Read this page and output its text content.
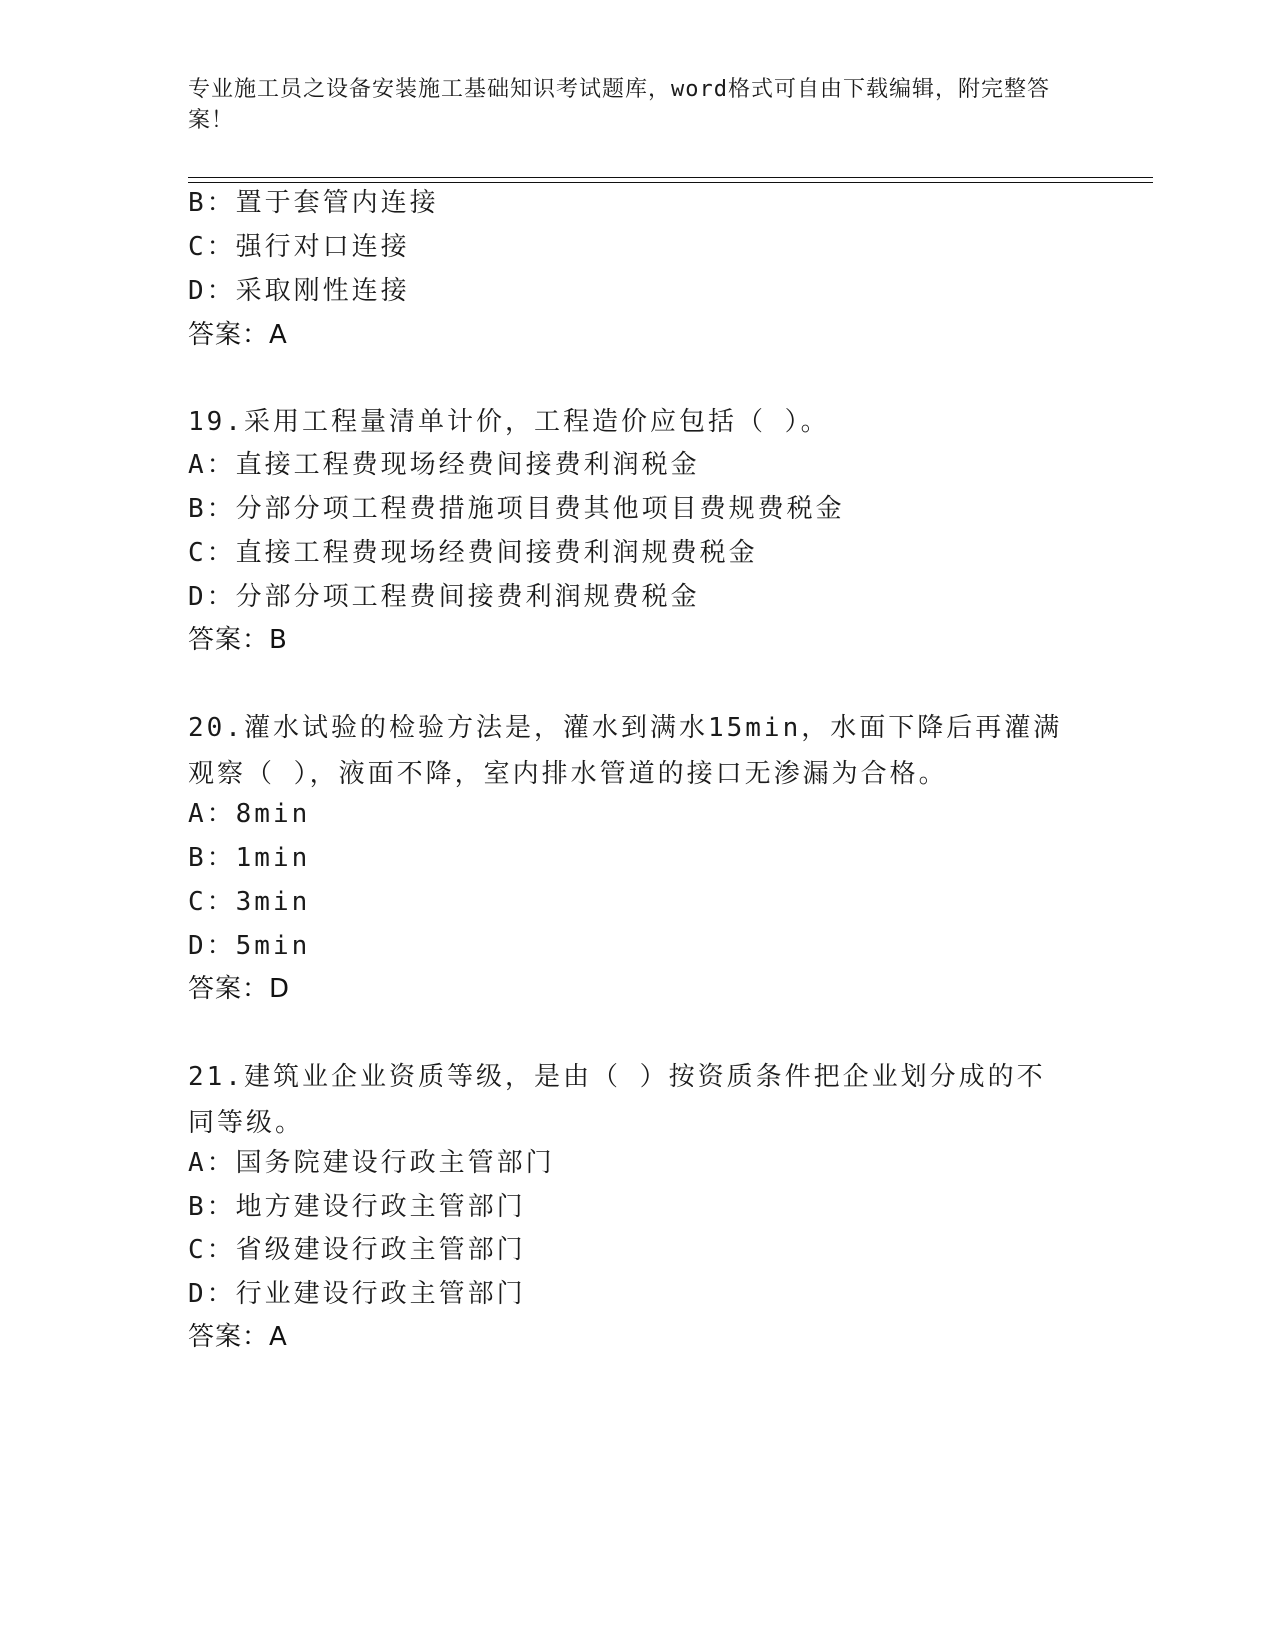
专业施工员之设备安装施工基础知识考试题库，word格式可自由下载编辑，附完整答案！
B：置于套管内连接
C：强行对口连接
D：采取刚性连接
答案：A
19.采用工程量清单计价，工程造价应包括（ ）。
A：直接工程费现场经费间接费利润税金
B：分部分项工程费措施项目费其他项目费规费税金
C：直接工程费现场经费间接费利润规费税金
D：分部分项工程费间接费利润规费税金
答案：B
20.灌水试验的检验方法是，灌水到满水15min，水面下降后再灌满观察（ ），液面不降，室内排水管道的接口无渗漏为合格。
A：8min
B：1min
C：3min
D：5min
答案：D
21.建筑业企业资质等级，是由（ ）按资质条件把企业划分成的不同等级。
A：国务院建设行政主管部门
B：地方建设行政主管部门
C：省级建设行政主管部门
D：行业建设行政主管部门
答案：A
